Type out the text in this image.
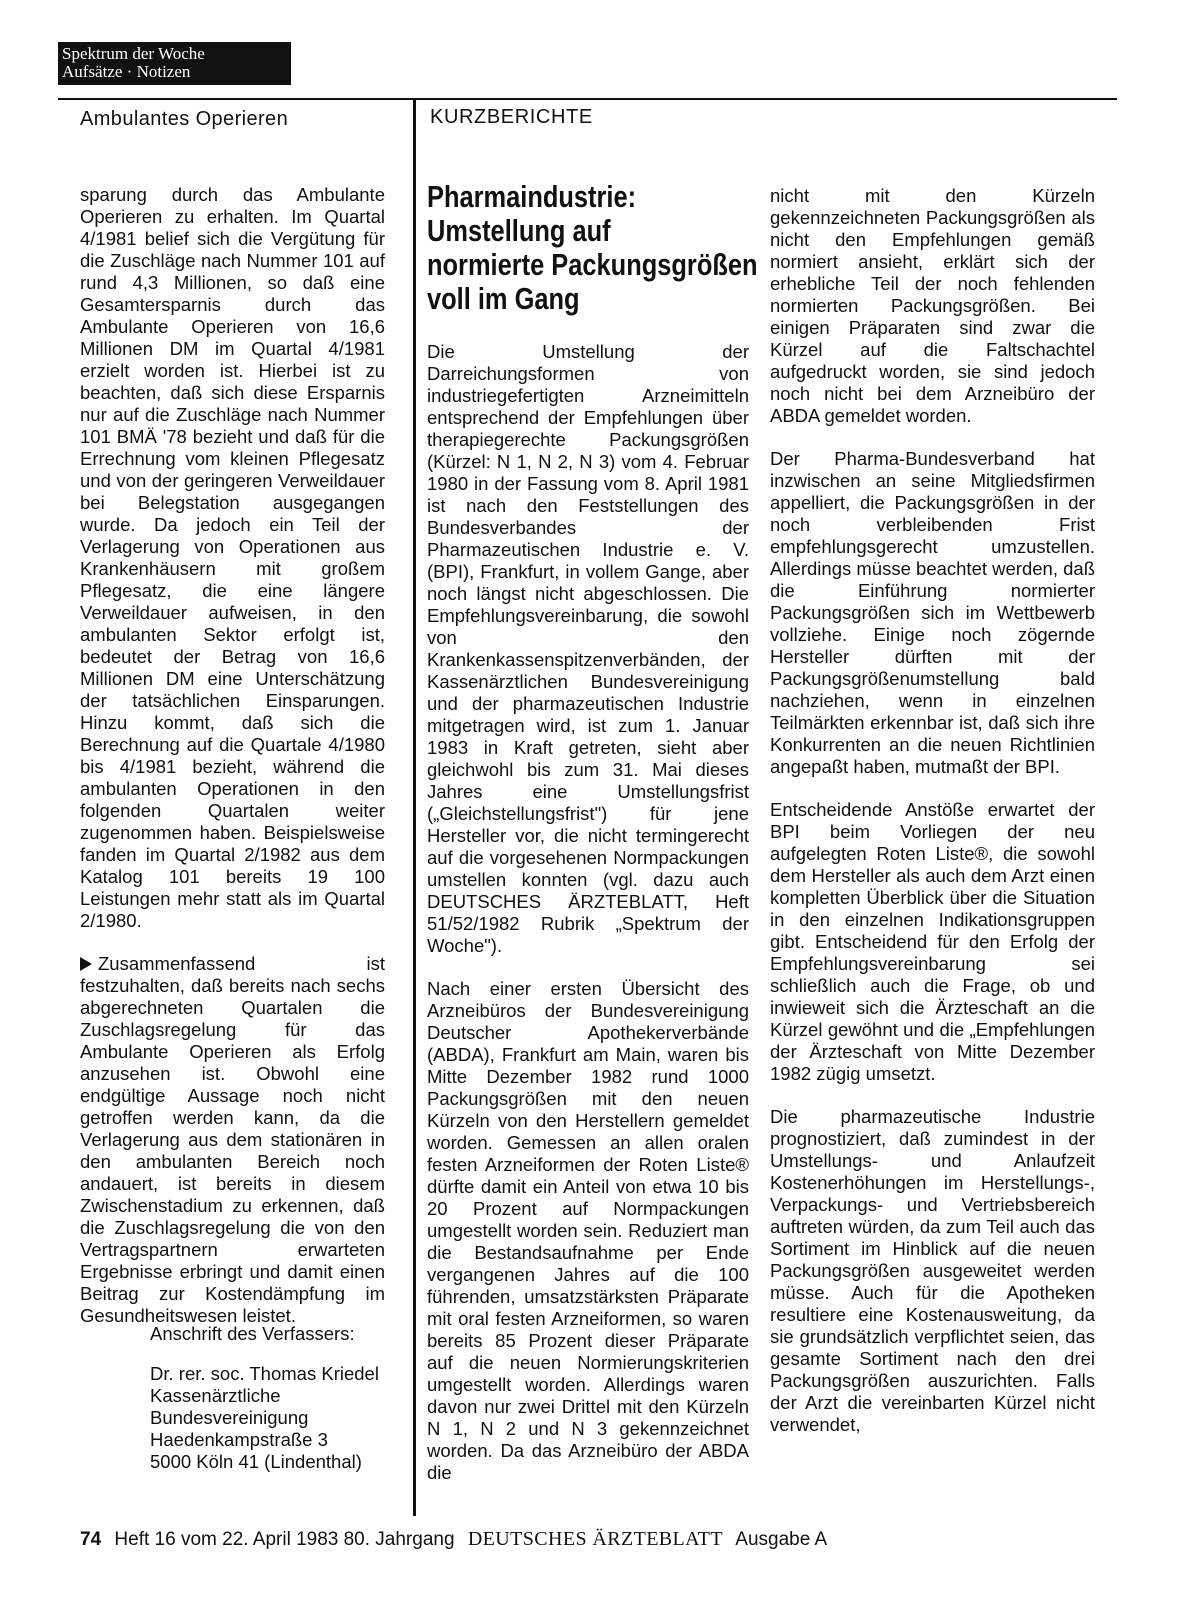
Spektrum der Woche
Aufsätze · Notizen
Ambulantes Operieren	KURZBERICHTE

sparung durch das Ambulante Operieren zu erhalten. Im Quartal 4/1981 belief sich die Vergütung für die Zuschläge nach Nummer 101 auf rund 4,3 Millionen, so daß eine Gesamtersparnis durch das Ambulante Operieren von 16,6 Millionen DM im Quartal 4/1981 erzielt worden ist. Hierbei ist zu beachten, daß sich diese Ersparnis nur auf die Zuschläge nach Nummer 101 BMÄ '78 bezieht und daß für die Errechnung vom kleinen Pflegesatz und von der geringeren Verweildauer bei Belegstation ausgegangen wurde. Da jedoch ein Teil der Verlagerung von Operationen aus Krankenhäusern mit großem Pflegesatz, die eine längere Verweildauer aufweisen, in den ambulanten Sektor erfolgt ist, bedeutet der Betrag von 16,6 Millionen DM eine Unterschätzung der tatsächlichen Einsparungen. Hinzu kommt, daß sich die Berechnung auf die Quartale 4/1980 bis 4/1981 bezieht, während die ambulanten Operationen in den folgenden Quartalen weiter zugenommen haben. Beispielsweise fanden im Quartal 2/1982 aus dem Katalog 101 bereits 19 100 Leistungen mehr statt als im Quartal 2/1980.

Zusammenfassend ist festzuhalten, daß bereits nach sechs abgerechneten Quartalen die Zuschlagsregelung für das Ambulante Operieren als Erfolg anzusehen ist. Obwohl eine endgültige Aussage noch nicht getroffen werden kann, da die Verlagerung aus dem stationären in den ambulanten Bereich noch andauert, ist bereits in diesem Zwischenstadium zu erkennen, daß die Zuschlagsregelung die von den Vertragspartnern erwarteten Ergebnisse erbringt und damit einen Beitrag zur Kostendämpfung im Gesundheitswesen leistet.

Anschrift des Verfassers:
Dr. rer. soc. Thomas Kriedel
Kassenärztliche
Bundesvereinigung
Haedenkampstraße 3
5000 Köln 41 (Lindenthal)
Pharmaindustrie:
Umstellung auf
normierte Packungsgrößen
voll im Gang

Die Umstellung der Darreichungsformen von industriegefertigten Arzneimitteln entsprechend der Empfehlungen über therapiegerechte Packungsgrößen (Kürzel: N 1, N 2, N 3) vom 4. Februar 1980 in der Fassung vom 8. April 1981 ist nach den Feststellungen des Bundesverbandes der Pharmazeutischen Industrie e. V. (BPI), Frankfurt, in vollem Gange, aber noch längst nicht abgeschlossen. Die Empfehlungsvereinbarung, die sowohl von den Krankenkassenspitzenverbänden, der Kassenärztlichen Bundesvereinigung und der pharmazeutischen Industrie mitgetragen wird, ist zum 1. Januar 1983 in Kraft getreten, sieht aber gleichwohl bis zum 31. Mai dieses Jahres eine Umstellungsfrist („Gleichstellungsfrist") für jene Hersteller vor, die nicht termingerecht auf die vorgesehenen Normpackungen umstellen konnten (vgl. dazu auch DEUTSCHES ÄRZTEBLATT, Heft 51/52/1982 Rubrik „Spektrum der Woche").

Nach einer ersten Übersicht des Arzneibüros der Bundesvereinigung Deutscher Apothekerverbände (ABDA), Frankfurt am Main, waren bis Mitte Dezember 1982 rund 1000 Packungsgrößen mit den neuen Kürzeln von den Herstellern gemeldet worden. Gemessen an allen oralen festen Arzneiformen der Roten Liste® dürfte damit ein Anteil von etwa 10 bis 20 Prozent auf Normpackungen umgestellt worden sein. Reduziert man die Bestandsaufnahme per Ende vergangenen Jahres auf die 100 führenden, umsatzstärksten Präparate mit oral festen Arzneiformen, so waren bereits 85 Prozent dieser Präparate auf die neuen Normierungskriterien umgestellt worden. Allerdings waren davon nur zwei Drittel mit den Kürzeln N 1, N 2 und N 3 gekennzeichnet worden. Da das Arzneibüro der ABDA die

nicht mit den Kürzeln gekennzeichneten Packungsgrößen als nicht den Empfehlungen gemäß normiert ansieht, erklärt sich der erhebliche Teil der noch fehlenden normierten Packungsgrößen. Bei einigen Präparaten sind zwar die Kürzel auf die Faltschachtel aufgedruckt worden, sie sind jedoch noch nicht bei dem Arzneibüro der ABDA gemeldet worden.

Der Pharma-Bundesverband hat inzwischen an seine Mitgliedsfirmen appelliert, die Packungsgrößen in der noch verbleibenden Frist empfehlungsgerecht umzustellen. Allerdings müsse beachtet werden, daß die Einführung normierter Packungsgrößen sich im Wettbewerb vollziehe. Einige noch zögernde Hersteller dürften mit der Packungsgrößenumstellung bald nachziehen, wenn in einzelnen Teilmärkten erkennbar ist, daß sich ihre Konkurrenten an die neuen Richtlinien angepaßt haben, mutmaßt der BPI.

Entscheidende Anstöße erwartet der BPI beim Vorliegen der neu aufgelegten Roten Liste®, die sowohl dem Hersteller als auch dem Arzt einen kompletten Überblick über die Situation in den einzelnen Indikationsgruppen gibt. Entscheidend für den Erfolg der Empfehlungsvereinbarung sei schließlich auch die Frage, ob und inwieweit sich die Ärzteschaft an die Kürzel gewöhnt und die „Empfehlungen der Ärzteschaft von Mitte Dezember 1982 zügig umsetzt.

Die pharmazeutische Industrie prognostiziert, daß zumindest in der Umstellungs- und Anlaufzeit Kostenerhöhungen im Herstellungs-, Verpackungs- und Vertriebsbereich auftreten würden, da zum Teil auch das Sortiment im Hinblick auf die neuen Packungsgrößen ausgeweitet werden müsse. Auch für die Apotheken resultiere eine Kostenausweitung, da sie grundsätzlich verpflichtet seien, das gesamte Sortiment nach den drei Packungsgrößen auszurichten. Falls der Arzt die vereinbarten Kürzel nicht verwendet,

74 Heft 16 vom 22. April 1983 80. Jahrgang DEUTSCHES ÄRZTEBLATT Ausgabe A
